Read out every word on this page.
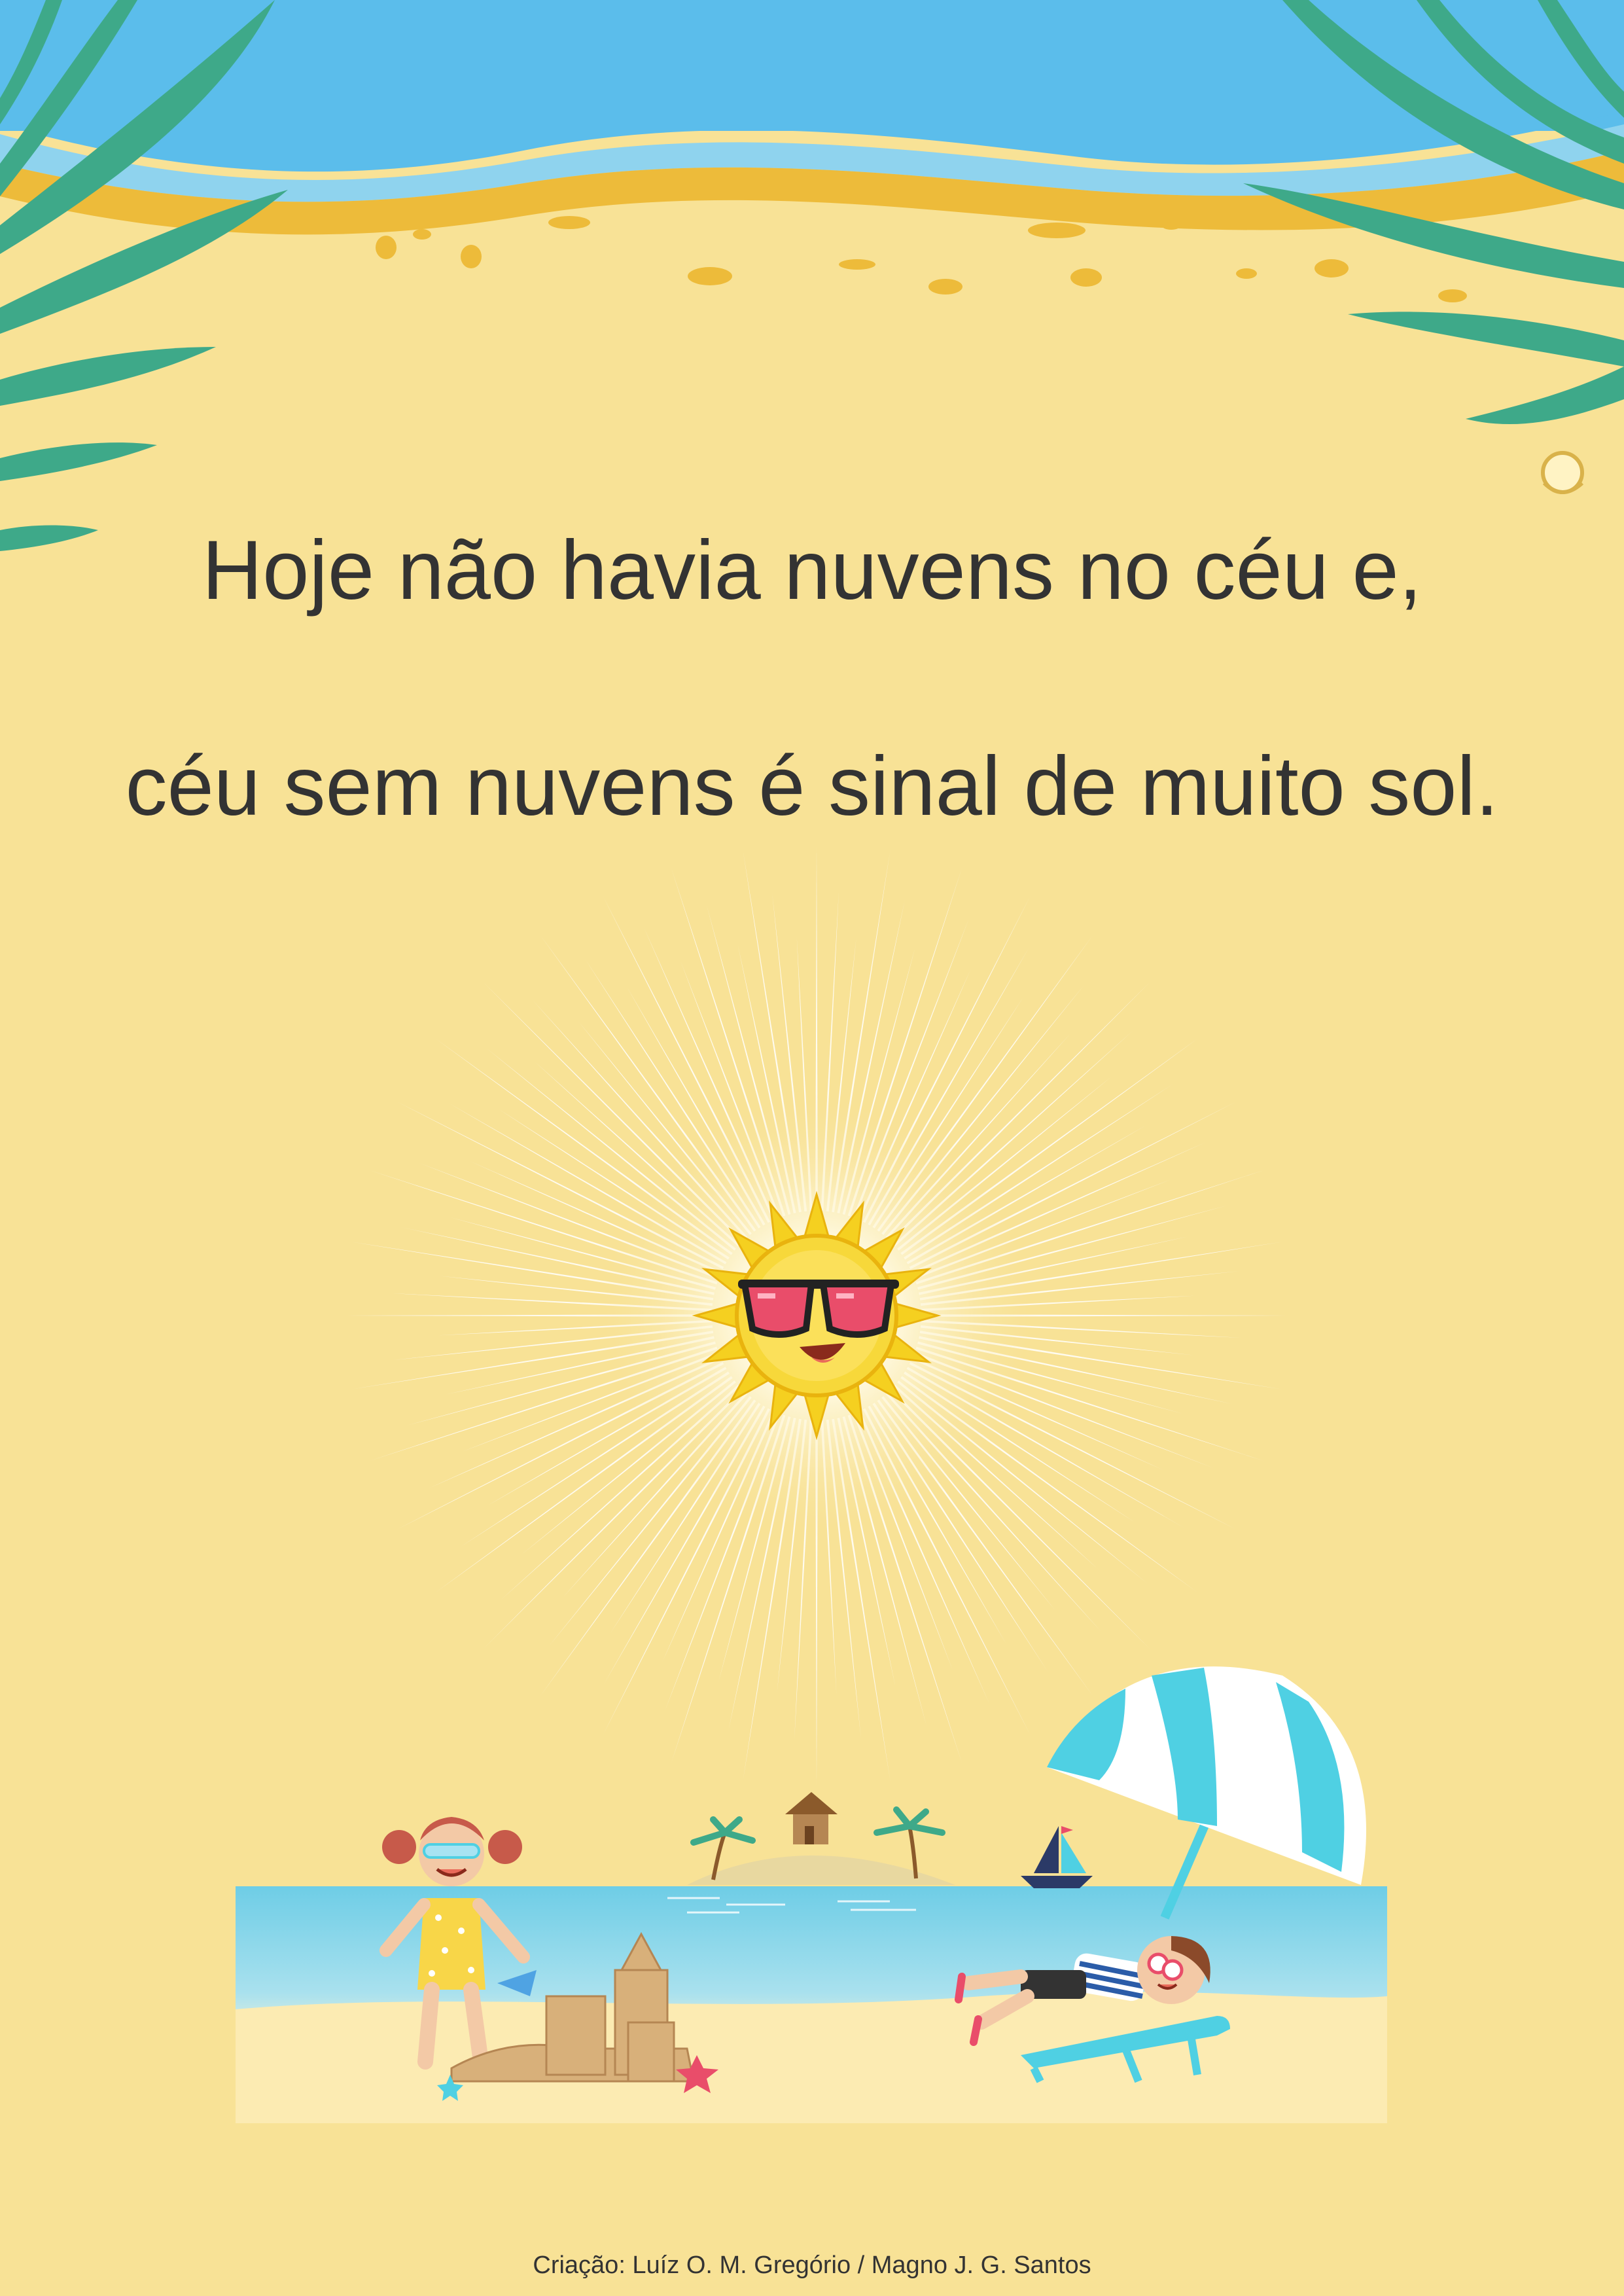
Hoje não havia nuvens no céu e,
céu sem nuvens é sinal de muito sol.
Criação: Luíz O. M. Gregório / Magno J. G. Santos
